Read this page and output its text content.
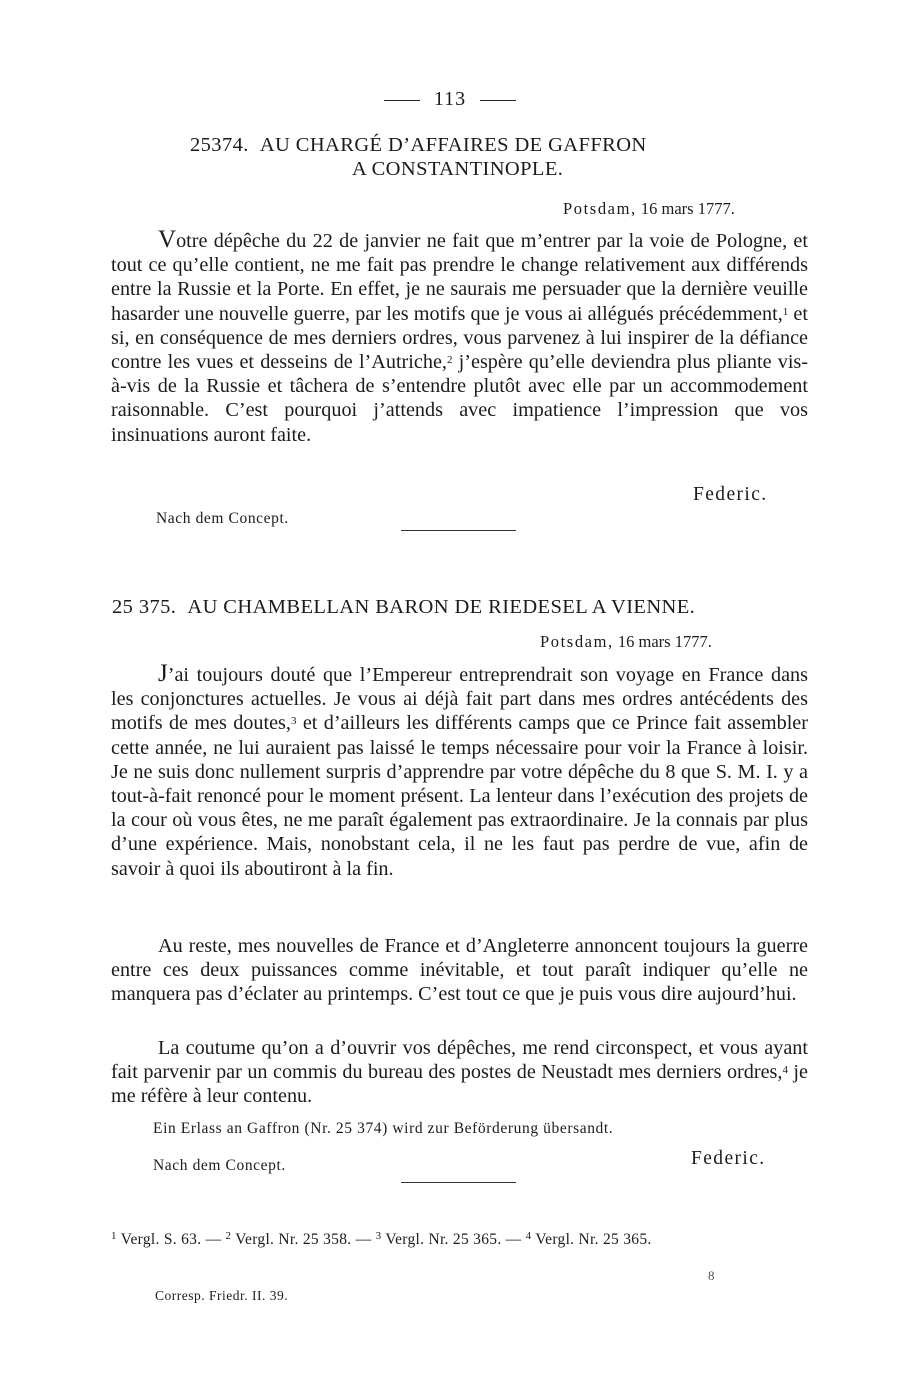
113
25374. AU CHARGÉ D’AFFAIRES DE GAFFRON
A CONSTANTINOPLE.
Potsdam, 16 mars 1777.
Votre dépêche du 22 de janvier ne fait que m’entrer par la voie de Pologne, et tout ce qu’elle contient, ne me fait pas prendre le change relativement aux différends entre la Russie et la Porte. En effet, je ne saurais me persuader que la dernière veuille hasarder une nouvelle guerre, par les motifs que je vous ai allégués précédemment,$^1$ et si, en conséquence de mes derniers ordres, vous parvenez à lui inspirer de la défiance contre les vues et desseins de l’Autriche,$^2$ j’espère qu’elle deviendra plus pliante vis-à-vis de la Russie et tâchera de s’entendre plutôt avec elle par un accommodement raisonnable. C’est pourquoi j’attends avec impatience l’impression que vos insinuations auront faite.
Federic.
Nach dem Concept.
25 375. AU CHAMBELLAN BARON DE RIEDESEL A VIENNE.
Potsdam, 16 mars 1777.
J’ai toujours douté que l’Empereur entreprendrait son voyage en France dans les conjonctures actuelles. Je vous ai déjà fait part dans mes ordres antécédents des motifs de mes doutes,$^3$ et d’ailleurs les différents camps que ce Prince fait assembler cette année, ne lui auraient pas laissé le temps nécessaire pour voir la France à loisir. Je ne suis donc nullement surpris d’apprendre par votre dépêche du 8 que S. M. I. y a tout-à-fait renoncé pour le moment présent. La lenteur dans l’exécution des projets de la cour où vous êtes, ne me paraît également pas extraordinaire. Je la connais par plus d’une expérience. Mais, nonobstant cela, il ne les faut pas perdre de vue, afin de savoir à quoi ils aboutiront à la fin.
Au reste, mes nouvelles de France et d’Angleterre annoncent toujours la guerre entre ces deux puissances comme inévitable, et tout paraît indiquer qu’elle ne manquera pas d’éclater au printemps. C’est tout ce que je puis vous dire aujourd’hui.
La coutume qu’on a d’ouvrir vos dépêches, me rend circonspect, et vous ayant fait parvenir par un commis du bureau des postes de Neustadt mes derniers ordres,$^4$ je me réfère à leur contenu.
Ein Erlass an Gaffron (Nr. 25 374) wird zur Beförderung übersandt.
Nach dem Concept.	Federic.
$^1$ Vergl. S. 63. — $^2$ Vergl. Nr. 25 358. — $^3$ Vergl. Nr. 25 365. — $^4$ Vergl. Nr. 25 365.
8
Corresp. Friedr. II. 39.
